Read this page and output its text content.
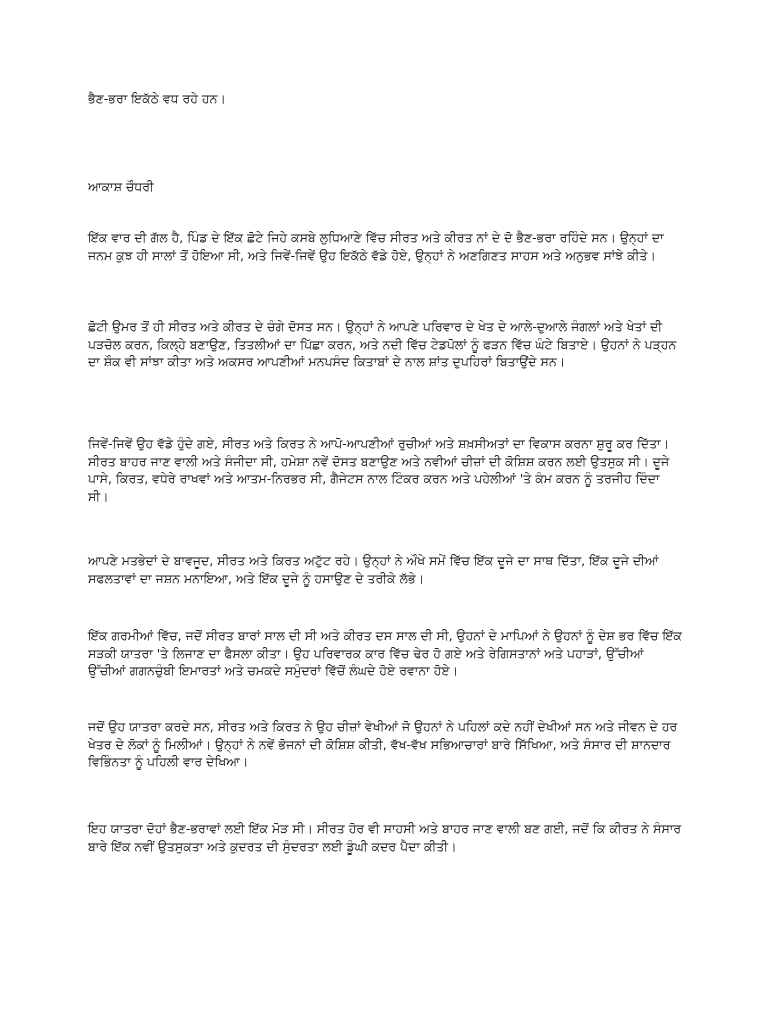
ਭੈਣ-ਭਰਾ ਇਕੱਠੇ ਵਧ ਰਹੇ ਹਨ।

ਆਕਾਸ਼ ਚੌਧਰੀ

ਇੱਕ ਵਾਰ ਦੀ ਗੱਲ ਹੈ, ਪਿੰਡ ਦੇ ਇੱਕ ਛੋਟੇ ਜਿਹੇ ਕਸਬੇ ਲੁਧਿਆਣੇ ਵਿੱਚ ਸੀਰਤ ਅਤੇ ਕੀਰਤ ਨਾਂ ਦੇ ਦੋ ਭੈਣ-ਭਰਾ ਰਹਿੰਦੇ ਸਨ। ਉਨ੍ਹਾਂ ਦਾ ਜਨਮ ਕੁਝ ਹੀ ਸਾਲਾਂ ਤੋਂ ਹੋਇਆ ਸੀ, ਅਤੇ ਜਿਵੇਂ-ਜਿਵੇਂ ਉਹ ਇਕੱਠੇ ਵੱਡੇ ਹੋਏ, ਉਨ੍ਹਾਂ ਨੇ ਅਣਗਿਣਤ ਸਾਹਸ ਅਤੇ ਅਨੁਭਵ ਸਾਂਝੇ ਕੀਤੇ।

ਛੋਟੀ ਉਮਰ ਤੋਂ ਹੀ ਸੀਰਤ ਅਤੇ ਕੀਰਤ ਦੇ ਚੰਗੇ ਦੋਸਤ ਸਨ। ਉਨ੍ਹਾਂ ਨੇ ਆਪਣੇ ਪਰਿਵਾਰ ਦੇ ਖੇਤ ਦੇ ਆਲੇ-ਦੁਆਲੇ ਜੰਗਲਾਂ ਅਤੇ ਖੇਤਾਂ ਦੀ ਪੜਚੋਲ ਕਰਨ, ਕਿਲ੍ਹੇ ਬਣਾਉਣ, ਤਿਤਲੀਆਂ ਦਾ ਪਿੱਛਾ ਕਰਨ, ਅਤੇ ਨਦੀ ਵਿੱਚ ਟੇਡਪੋਲਾਂ ਨੂੰ ਫੜਨ ਵਿੱਚ ਘੰਟੇ ਬਿਤਾਏ। ਉਹਨਾਂ ਨੇ ਪੜ੍ਹਨ ਦਾ ਸ਼ੌਕ ਵੀ ਸਾਂਝਾ ਕੀਤਾ ਅਤੇ ਅਕਸਰ ਆਪਣੀਆਂ ਮਨਪਸੰਦ ਕਿਤਾਬਾਂ ਦੇ ਨਾਲ ਸ਼ਾਂਤ ਦੁਪਹਿਰਾਂ ਬਿਤਾਉਂਦੇ ਸਨ।

ਜਿਵੇਂ-ਜਿਵੇਂ ਉਹ ਵੱਡੇ ਹੁੰਦੇ ਗਏ, ਸੀਰਤ ਅਤੇ ਕਿਰਤ ਨੇ ਆਪੋ-ਆਪਣੀਆਂ ਰੁਚੀਆਂ ਅਤੇ ਸ਼ਖ਼ਸੀਅਤਾਂ ਦਾ ਵਿਕਾਸ ਕਰਨਾ ਸ਼ੁਰੂ ਕਰ ਦਿੱਤਾ। ਸੀਰਤ ਬਾਹਰ ਜਾਣ ਵਾਲੀ ਅਤੇ ਸੰਜੀਦਾ ਸੀ, ਹਮੇਸ਼ਾ ਨਵੇਂ ਦੋਸਤ ਬਣਾਉਣ ਅਤੇ ਨਵੀਆਂ ਚੀਜ਼ਾਂ ਦੀ ਕੋਸ਼ਿਸ਼ ਕਰਨ ਲਈ ਉਤਸੁਕ ਸੀ। ਦੂਜੇ ਪਾਸੇ, ਕਿਰਤ, ਵਧੇਰੇ ਰਾਖਵਾਂ ਅਤੇ ਆਤਮ-ਨਿਰਭਰ ਸੀ, ਗੈਜੇਟਸ ਨਾਲ ਟਿੰਕਰ ਕਰਨ ਅਤੇ ਪਹੇਲੀਆਂ 'ਤੇ ਕੰਮ ਕਰਨ ਨੂੰ ਤਰਜੀਹ ਦਿੰਦਾ ਸੀ।

ਆਪਣੇ ਮਤਭੇਦਾਂ ਦੇ ਬਾਵਜੂਦ, ਸੀਰਤ ਅਤੇ ਕਿਰਤ ਅਟੁੱਟ ਰਹੇ। ਉਨ੍ਹਾਂ ਨੇ ਔਖੇ ਸਮੇਂ ਵਿੱਚ ਇੱਕ ਦੂਜੇ ਦਾ ਸਾਥ ਦਿੱਤਾ, ਇੱਕ ਦੂਜੇ ਦੀਆਂ ਸਫਲਤਾਵਾਂ ਦਾ ਜਸ਼ਨ ਮਨਾਇਆ, ਅਤੇ ਇੱਕ ਦੂਜੇ ਨੂੰ ਹਸਾਉਣ ਦੇ ਤਰੀਕੇ ਲੱਭੇ।

ਇੱਕ ਗਰਮੀਆਂ ਵਿੱਚ, ਜਦੋਂ ਸੀਰਤ ਬਾਰਾਂ ਸਾਲ ਦੀ ਸੀ ਅਤੇ ਕੀਰਤ ਦਸ ਸਾਲ ਦੀ ਸੀ, ਉਹਨਾਂ ਦੇ ਮਾਪਿਆਂ ਨੇ ਉਹਨਾਂ ਨੂੰ ਦੇਸ਼ ਭਰ ਵਿੱਚ ਇੱਕ ਸੜਕੀ ਯਾਤਰਾ 'ਤੇ ਲਿਜਾਣ ਦਾ ਫੈਸਲਾ ਕੀਤਾ। ਉਹ ਪਰਿਵਾਰਕ ਕਾਰ ਵਿੱਚ ਢੇਰ ਹੋ ਗਏ ਅਤੇ ਰੇਗਿਸਤਾਨਾਂ ਅਤੇ ਪਹਾੜਾਂ, ਉੱਚੀਆਂ ਉੱਚੀਆਂ ਗਗਨਚੁੰਬੀ ਇਮਾਰਤਾਂ ਅਤੇ ਚਮਕਦੇ ਸਮੁੰਦਰਾਂ ਵਿੱਚੋਂ ਲੰਘਦੇ ਹੋਏ ਰਵਾਨਾ ਹੋਏ।

ਜਦੋਂ ਉਹ ਯਾਤਰਾ ਕਰਦੇ ਸਨ, ਸੀਰਤ ਅਤੇ ਕਿਰਤ ਨੇ ਉਹ ਚੀਜ਼ਾਂ ਵੇਖੀਆਂ ਜੋ ਉਹਨਾਂ ਨੇ ਪਹਿਲਾਂ ਕਦੇ ਨਹੀਂ ਦੇਖੀਆਂ ਸਨ ਅਤੇ ਜੀਵਨ ਦੇ ਹਰ ਖੇਤਰ ਦੇ ਲੋਕਾਂ ਨੂੰ ਮਿਲੀਆਂ। ਉਨ੍ਹਾਂ ਨੇ ਨਵੇਂ ਭੋਜਨਾਂ ਦੀ ਕੋਸ਼ਿਸ਼ ਕੀਤੀ, ਵੱਖ-ਵੱਖ ਸਭਿਆਚਾਰਾਂ ਬਾਰੇ ਸਿੱਖਿਆ, ਅਤੇ ਸੰਸਾਰ ਦੀ ਸ਼ਾਨਦਾਰ ਵਿਭਿੰਨਤਾ ਨੂੰ ਪਹਿਲੀ ਵਾਰ ਦੇਖਿਆ।

ਇਹ ਯਾਤਰਾ ਦੋਹਾਂ ਭੈਣ-ਭਰਾਵਾਂ ਲਈ ਇੱਕ ਮੋੜ ਸੀ। ਸੀਰਤ ਹੋਰ ਵੀ ਸਾਹਸੀ ਅਤੇ ਬਾਹਰ ਜਾਣ ਵਾਲੀ ਬਣ ਗਈ, ਜਦੋਂ ਕਿ ਕੀਰਤ ਨੇ ਸੰਸਾਰ ਬਾਰੇ ਇੱਕ ਨਵੀਂ ਉਤਸੁਕਤਾ ਅਤੇ ਕੁਦਰਤ ਦੀ ਸੁੰਦਰਤਾ ਲਈ ਡੂੰਘੀ ਕਦਰ ਪੈਦਾ ਕੀਤੀ।
